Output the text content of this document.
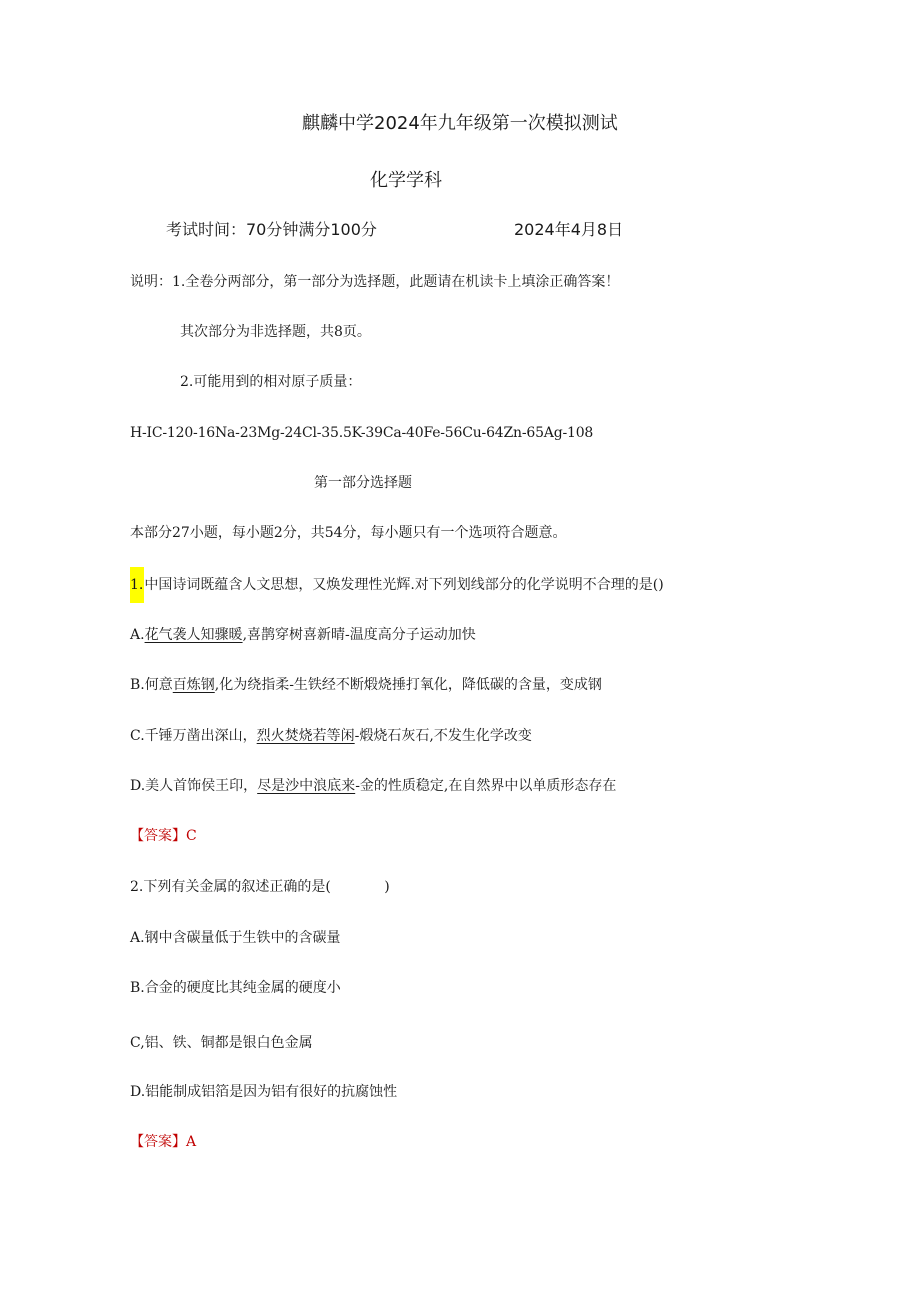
麒麟中学2024年九年级第一次模拟测试
化学学科
考试时间：70分钟满分100分	2024年4月8日
说明：1.全卷分两部分，第一部分为选择题，此题请在机读卡上填涂正确答案！
其次部分为非选择题，共8页。
2.可能用到的相对原子质量：
H-IC-120-16Na-23Mg-24Cl-35.5K-39Ca-40Fe-56Cu-64Zn-65Ag-108
第一部分选择题
本部分27小题，每小题2分，共54分，每小题只有一个选项符合题意。
1.中国诗词既蕴含人文思想，又焕发理性光辉.对下列划线部分的化学说明不合理的是()
A.花气袭人知骤暖,喜鹊穿树喜新晴-温度高分子运动加快
B.何意百炼钢,化为绕指柔-生铁经不断煅烧捶打氧化，降低碳的含量，变成钢
C.千锤万凿出深山，烈火焚烧若等闲-煅烧石灰石,不发生化学改变
D.美人首饰侯王印，尽是沙中浪底来-金的性质稳定,在自然界中以单质形态存在
【答案】C
2.下列有关金属的叙述正确的是(            )
A.钢中含碳量低于生铁中的含碳量
B.合金的硬度比其纯金属的硬度小
C,铝、铁、铜都是银白色金属
D.铝能制成铝箔是因为铝有很好的抗腐蚀性
【答案】A
